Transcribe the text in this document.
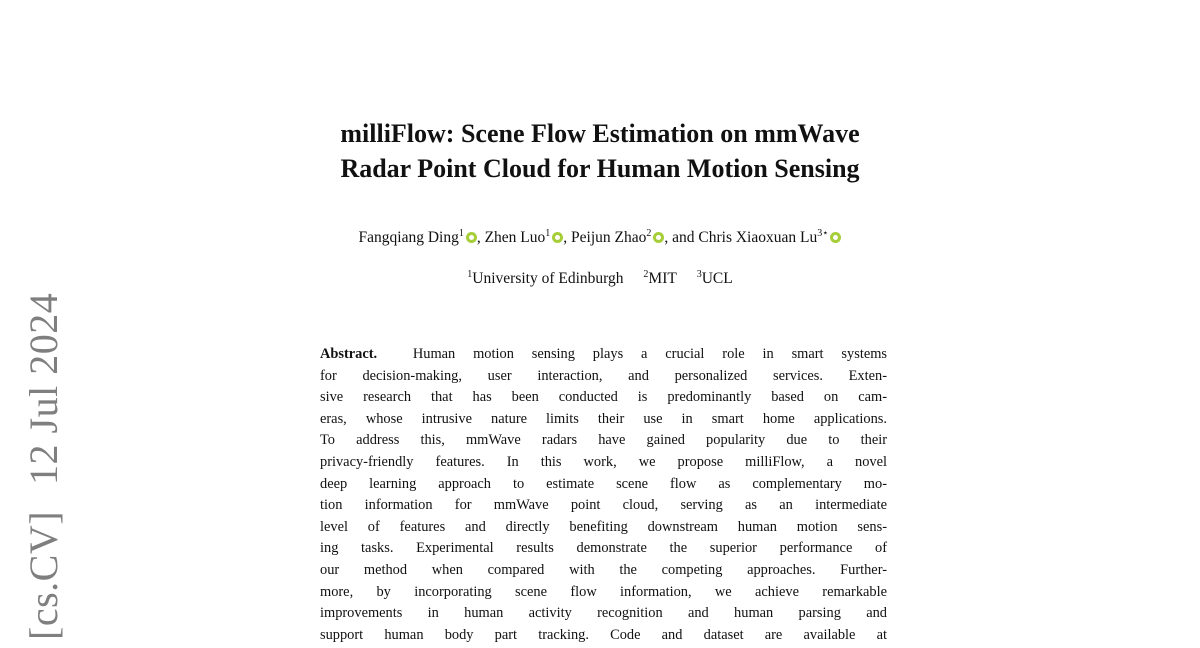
[cs.CV]12 Jul 2024
milliFlow: Scene Flow Estimation on mmWave
Radar Point Cloud for Human Motion Sensing
Fangqiang Ding$^1$ , Zhen Luo$^1$ , Peijun Zhao$^2$ , and Chris Xiaoxuan $Lu^{3⋆}$
$^1$University of Edinburgh $^2$MIT $^3$UCL
Abstract. Human motion sensing plays a crucial role in smart systems
for decision-making, user interaction, and personalized services. Exten-
sive research that has been conducted is predominantly based on cam-
eras, whose intrusive nature limits their use in smart home applications.
To address this, mmWave radars have gained popularity due to their
privacy-friendly features. In this work, we propose milliFlow, a novel
deep learning approach to estimate scene flow as complementary mo-
tion information for mmWave point cloud, serving as an intermediate
level of features and directly benefiting downstream human motion sens-
ing tasks. Experimental results demonstrate the superior performance of
our method when compared with the competing approaches. Further-
more, by incorporating scene flow information, we achieve remarkable
improvements in human activity recognition and human parsing and
support human body part tracking. Code and dataset are available at
